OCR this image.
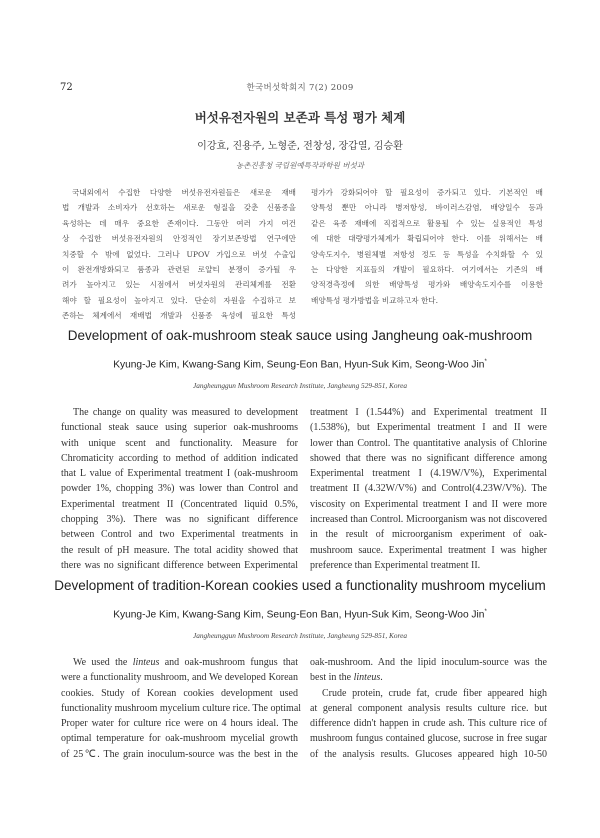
72	한국버섯학회지 7(2) 2009
버섯유전자원의 보존과 특성 평가 체계
이강효, 진용주, 노형준, 전창성, 장갑열, 김승환
농촌진흥청 국립원예특작과학원 버섯과
국내외에서 수집한 다양한 버섯유전자원들은 새로운 재배
법 개발과 소비자가 선호하는 새로운 형질을 갖춘 신품종을
육성하는 데 매우 중요한 존재이다. 그동안 여러 가지 여건
상 수집한 버섯유전자원의 안정적인 장기보존방법 연구에만
치중할 수 밖에 없었다. 그러나 UPOV 가입으로 버섯 수출입
이 완전개방화되고 품종과 관련된 로얄티 분쟁이 증가될 우
려가 높아지고 있는 시점에서 버섯자원의 관리체계를 전환
해야 할 필요성이 높아지고 있다. 단순히 자원을 수집하고 보
존하는 체계에서 재배법 개발과 신품종 육성에 필요한 특성
평가가 강화되어야 할 필요성이 증가되고 있다. 기본적인 배
양특성 뿐만 아니라 병저항성, 바이러스감염, 배양일수 등과
같은 육종 재배에 직접적으로 활용될 수 있는 실용적인 특성
에 대한 대량평가체계가 확립되어야 한다. 이를 위해서는 배
양속도지수, 병원체별 저항성 정도 등 특성을 수치화할 수 있
는 다양한 지표들의 개발이 필요하다. 여기에서는 기존의 배
양적경측정에 의한 배양특성 평가와 배양속도지수를 이용한
배양특성 평가방법을 비교하고자 한다.
Development of oak-mushroom steak sauce using Jangheung oak-mushroom
Kyung-Je Kim, Kwang-Sang Kim, Seung-Eon Ban, Hyun-Suk Kim, Seong-Woo Jin*
Jangheunggun Mushroom Research Institute, Jangheung 529-851, Korea
The change on quality was measured to development
functional steak sauce using superior oak-mushrooms
with unique scent and functionality. Measure for
Chromaticity according to method of addition indicated
that L value of Experimental treatment I (oak-mushroom
powder 1%, chopping 3%) was lower than Control and
Experimental treatment II (Concentrated liquid 0.5%,
chopping 3%). There was no significant difference
between Control and two Experimental treatments in
the result of pH measure. The total acidity showed that
there was no significant difference between Experimental
treatment I (1.544%) and Experimental treatment II
(1.538%), but Experimental treatment I and II were
lower than Control. The quantitative analysis of Chlorine
showed that there was no significant difference among
Experimental treatment I (4.19W/V%), Experimental
treatment II (4.32W/V%) and Control(4.23W/V%). The
viscosity on Experimental treatment I and II were more
increased than Control. Microorganism was not discovered
in the result of microorganism experiment of oak-
mushroom sauce. Experimental treatment I was higher
preference than Experimental treatment II.
Development of tradition-Korean cookies used a functionality mushroom mycelium
Kyung-Je Kim, Kwang-Sang Kim, Seung-Eon Ban, Hyun-Suk Kim, Seong-Woo Jin*
Jangheunggun Mushroom Research Institute, Jangheung 529-851, Korea
We used the linteus and oak-mushroom fungus that
were a functionality mushroom, and We developed Korean
cookies. Study of Korean cookies development used
functionality mushroom mycelium culture rice. The optimal
Proper water for culture rice were on 4 hours ideal. The
optimal temperature for oak-mushroom mycelial growth
of 25℃. The grain inoculum-source was the best in the
oak-mushroom. And the lipid inoculum-source was the
best in the linteus.
Crude protein, crude fat, crude fiber appeared high
at general component analysis results culture rice. but
difference didn't happen in crude ash. This culture rice of
mushroom fungus contained glucose, sucrose in free sugar
of the analysis results. Glucoses appeared high 10-50
